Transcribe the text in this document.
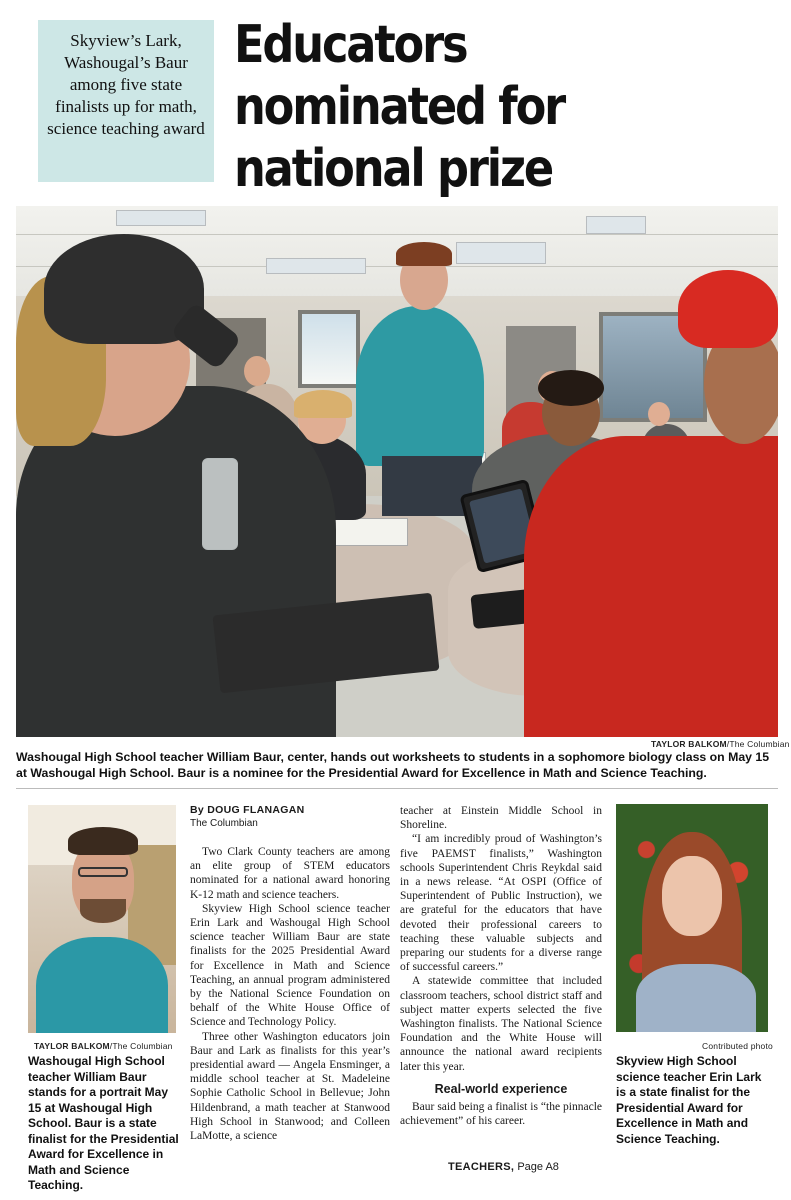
Skyview’s Lark, Washougal’s Baur among five state finalists up for math, science teaching award
Educators nominated for national prize
TAYLOR BALKOM/The Columbian
Washougal High School teacher William Baur, center, hands out worksheets to students in a sophomore biology class on May 15 at Washougal High School. Baur is a nominee for the Presidential Award for Excellence in Math and Science Teaching.
TAYLOR BALKOM/The Columbian
Washougal High School teacher William Baur stands for a portrait May 15 at Washougal High School. Baur is a state finalist for the Presidential Award for Excellence in Math and Science Teaching.
By DOUG FLANAGAN
The Columbian

Two Clark County teachers are among an elite group of STEM educators nominated for a national award honoring K-12 math and science teachers.

Skyview High School science teacher Erin Lark and Washougal High School science teacher William Baur are state finalists for the 2025 Presidential Award for Excellence in Math and Science Teaching, an annual program administered by the National Science Foundation on behalf of the White House Office of Science and Technology Policy.

Three other Washington educators join Baur and Lark as finalists for this year’s presidential award — Angela Ensminger, a middle school teacher at St. Madeleine Sophie Catholic School in Bellevue; John Hildenbrand, a math teacher at Stanwood High School in Stanwood; and Colleen LaMotte, a science

teacher at Einstein Middle School in Shoreline.

“I am incredibly proud of Washington’s five PAEMST finalists,” Washington schools Superintendent Chris Reykdal said in a news release. “At OSPI (Office of Superintendent of Public Instruction), we are grateful for the educators that have devoted their professional careers to teaching these valuable subjects and preparing our students for a diverse range of successful careers.”

A statewide committee that included classroom teachers, school district staff and subject matter experts selected the five Washington finalists. The National Science Foundation and the White House will announce the national award recipients later this year.

Real-world experience

Baur said being a finalist is “the pinnacle achievement” of his career.

TEACHERS, Page A8
Contributed photo
Skyview High School science teacher Erin Lark is a state finalist for the Presidential Award for Excellence in Math and Science Teaching.
